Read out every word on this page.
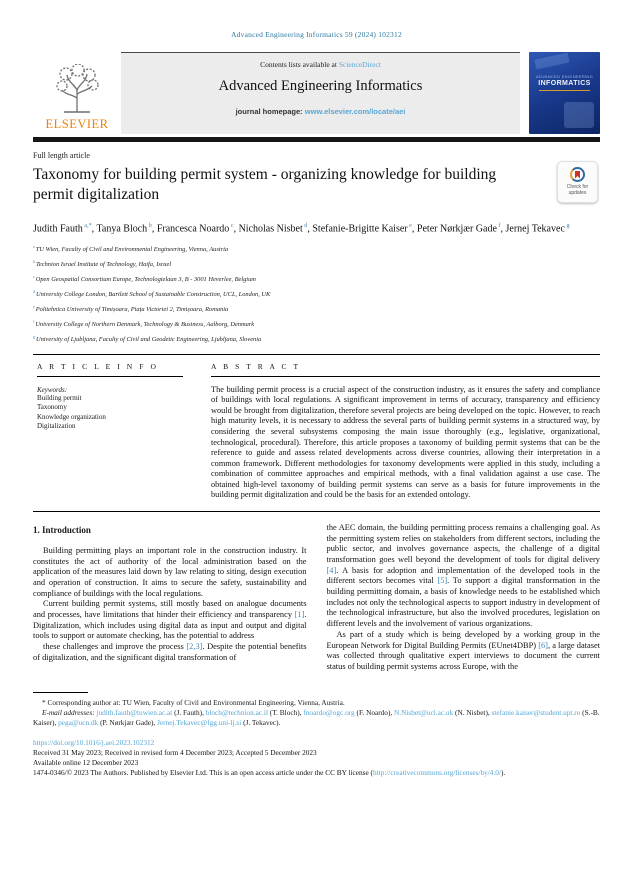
Advanced Engineering Informatics 59 (2024) 102312
ELSEVIER
Contents lists available at ScienceDirect
Advanced Engineering Informatics
journal homepage: www.elsevier.com/locate/aei
ADVANCED ENGINEERING
INFORMATICS
Full length article
Taxonomy for building permit system - organizing knowledge for building permit digitalization	Check for
updates
Judith Fauth $^{a,*}$, Tanya Bloch $^b$, Francesca Noardo $^c$, Nicholas Nisbet $^d$, Stefanie-Brigitte Kaiser $^e$, Peter Nørkjær Gade $^f$, Jernej Tekavec $^g$
$^a$ TU Wien, Faculty of Civil and Environmental Engineering, Vienna, Austria
$^b$ Technion Israel Institute of Technology, Haifa, Israel
$^c$ Open Geospatial Consortium Europe, Technologielaan 3, B - 3001 Heverlee, Belgium
$^d$ University College London, Bartlett School of Sustainable Construction, UCL, London, UK
$^e$ Politehnica University of Timișoara, Piața Victoriei 2, Timișoara, Romania
$^f$ University College of Northern Denmark, Technology & Business, Aalborg, Denmark
$^g$ University of Ljubljana, Faculty of Civil and Geodetic Engineering, Ljubljana, Slovenia
A R T I C L E I N F O
Keywords:
Building permit
Taxonomy
Knowledge organization
Digitalization
A B S T R A C T
The building permit process is a crucial aspect of the construction industry, as it ensures the safety and compliance of buildings with local regulations. A significant improvement in terms of accuracy, transparency and efficiency would be brought from digitalization, therefore several projects are being developed on the topic. However, to reach high maturity levels, it is necessary to address the several parts of building permit systems in a structured way, by considering the several subsystems composing the main issue thoroughly (e.g., legislative, organizational, technological, procedural). Therefore, this article proposes a taxonomy of building permit systems that can be the reference to guide and assess related developments across diverse countries, allowing their interpretation in a common framework. Different methodologies for taxonomy developments were applied in this study, including a combination of committee approaches and empirical methods, with a final validation against a use case. The obtained high-level taxonomy of building permit systems can serve as a basis for future improvements in the building permit digitalization and could be the basis for an extended ontology.
1. Introduction

Building permitting plays an important role in the construction industry. It constitutes the act of authority of the local administration based on the application of the measures laid down by law relating to siting, design execution and operation of construction. It aims to secure the safety, sustainability and compliance of buildings with the local regulations.

Current building permit systems, still mostly based on analogue documents and processes, have limitations that hinder their efficiency and transparency [1]. Digitalization, which includes using digital data as input and output and digital tools to support or automate checking, has the potential to address

these challenges and improve the process [2,3]. Despite the potential benefits of digitalization, and the significant digital transformation of

the AEC domain, the building permitting process remains a challenging goal. As the permitting system relies on stakeholders from different sectors, including the public sector, and involves governance aspects, the challenge of a digital transformation goes well beyond the development of tools for digital delivery [4]. A basis for adoption and implementation of the developed tools in the different sectors becomes vital [5]. To support a digital transformation in the building permitting domain, a basis of knowledge needs to be established which includes not only the technological aspects to support industry in development of the technological infrastructure, but also the involved procedures, legislation on different levels and the involvement of various organizations.

As part of a study which is being developed by a working group in the European Network for Digital Building Permits (EUnet4DBP) [6], a large dataset was collected through qualitative expert interviews to document the current status of building permit systems across Europe, with the

* Corresponding author at: TU Wien, Faculty of Civil and Environmental Engineering, Vienna, Austria.
E-mail addresses: judith.fauth@tuwien.ac.at (J. Fauth), bloch@technion.ac.il (T. Bloch), fnoardo@ogc.org (F. Noardo), N.Nisbet@ucl.ac.uk (N. Nisbet), stefanie.kaiser@student.upt.ro (S.-B. Kaiser), pega@ucn.dk (P. Nørkjær Gade), Jernej.Tekavec@fgg.uni-lj.si (J. Tekavec).
https://doi.org/10.1016/j.aei.2023.102312
Received 31 May 2023; Received in revised form 4 December 2023; Accepted 5 December 2023
Available online 12 December 2023
1474-0346/© 2023 The Authors. Published by Elsevier Ltd. This is an open access article under the CC BY license (http://creativecommons.org/licenses/by/4.0/).
